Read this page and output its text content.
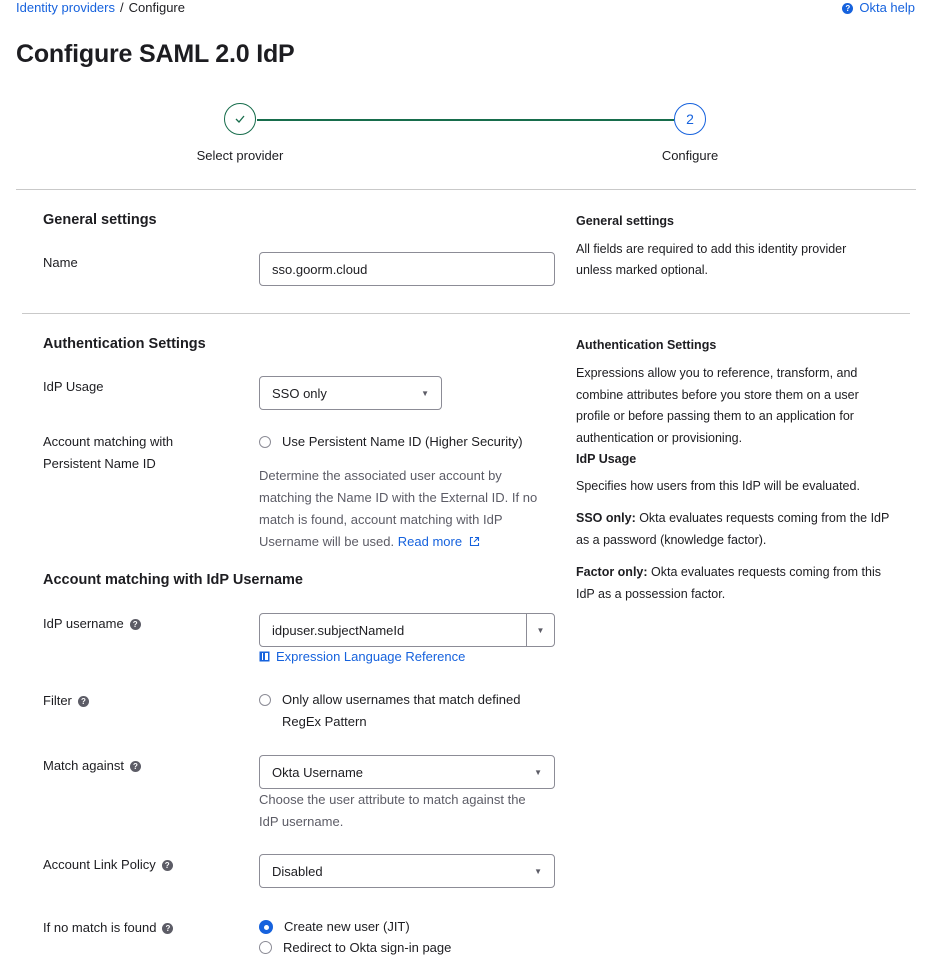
Identity providers / Configure	? Okta help
Configure SAML 2.0 IdP
2
Select provider	Configure
General settings
Name	sso.goorm.cloud
General settings
All fields are required to add this identity provider
unless marked optional.
Authentication Settings
IdP Usage	SSO only	▼
Account matching with
Persistent Name ID
Use Persistent Name ID (Higher Security)
Determine the associated user account by
matching the Name ID with the External ID. If no
match is found, account matching with IdP
Username will be used. Read more
Authentication Settings
Expressions allow you to reference, transform, and
combine attributes before you store them on a user
profile or before passing them to an application for
authentication or provisioning.
IdP Usage
Specifies how users from this IdP will be evaluated.
SSO only: Okta evaluates requests coming from the IdP
as a password (knowledge factor).
Factor only: Okta evaluates requests coming from this
IdP as a possession factor.
Account matching with IdP Username
IdP username ?	idpuser.subjectNameId	▼
Expression Language Reference
Filter ?	Only allow usernames that match defined
RegEx Pattern
Match against ?	Okta Username	▼
Choose the user attribute to match against the
IdP username.
Account Link Policy ?	Disabled	▼
If no match is found ?	Create new user (JIT)
Redirect to Okta sign-in page
